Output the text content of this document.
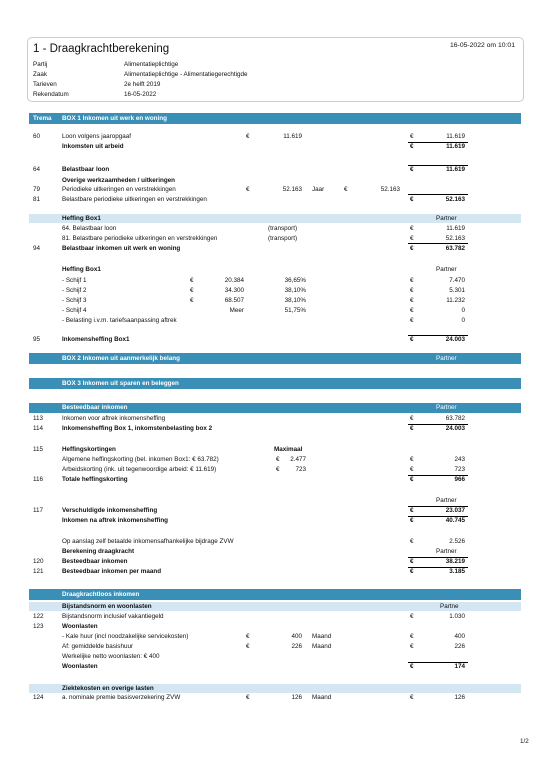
1 - Draagkrachtberekening	16-05-2022 om 10:01
Partij	Alimentatieplichtige
Zaak	Alimentatieplichtige - Alimentatiegerechtigde
Tarieven	2e helft 2019
Rekendatum	16-05-2022
Trema BOX 1 Inkomen uit werk en woning
60	Loon volgens jaaropgaaf	€	11.619	€	11.619
Inkomsten uit arbeid	€	11.619
64	Belastbaar loon	€	11.619
Overige werkzaamheden / uitkeringen
79	Periodieke uitkeringen en verstrekkingen	€	52.163 Jaar	€	52.163
81	Belastbare periodieke uitkeringen en verstrekkingen	€	52.163
Heffing Box1	Partner
64. Belastbaar loon	(transport)	€	11.619
81. Belastbare periodieke uitkeringen en verstrekkingen	(transport)	€	52.163
94	Belastbaar inkomen uit werk en woning	€	63.782
Heffing Box1	Partner
- Schijf 1	€	20.384	36,65%	€	7.470
- Schijf 2	€	34.300	38,10%	€	5.301
- Schijf 3	€	68.507	38,10%	€	11.232
- Schijf 4	Meer	51,75%	€	0
- Belasting i.v.m. tariefsaanpassing aftrek	€	0
95	Inkomensheffing Box1	€	24.003
BOX 2 Inkomen uit aanmerkelijk belang	Partner
BOX 3 Inkomen uit sparen en beleggen
Besteedbaar inkomen	Partner
113	Inkomen voor aftrek inkomensheffing	€	63.782
114	Inkomensheffing Box 1, inkomstenbelasting box 2	€	24.003
115	Heffingskortingen	Maximaal
Algemene heffingskorting (bel. inkomen Box1: € 63.782)	€	2.477	€	243
Arbeidskorting (ink. uit tegenwoordige arbeid: € 11.619)	€	723	€	723
116	Totale heffingskorting	€	966
Partner
117	Verschuldigde inkomensheffing	€	23.037
Inkomen na aftrek inkomensheffing	€	40.745
Op aanslag zelf betaalde inkomensafhankelijke bijdrage ZVW	€	2.526
Berekening draagkracht	Partner
120	Besteedbaar inkomen	€	38.219
121	Besteedbaar inkomen per maand	€	3.185
Draagkrachtloos inkomen
Bijstandsnorm en woonlasten	Partne
122	Bijstandsnorm inclusief vakantiegeld	€	1.030
123	Woonlasten
- Kale huur (incl noodzakelijke servicekosten)	€	400 Maand	€	400
Af: gemiddelde basishuur	€	226 Maand	€	226
Werkelijke netto woonlasten: € 400
Woonlasten	€	174
Ziektekosten en overige lasten
124	a. nominale premie basisverzekering ZVW	€	126 Maand	€	126
1/2
